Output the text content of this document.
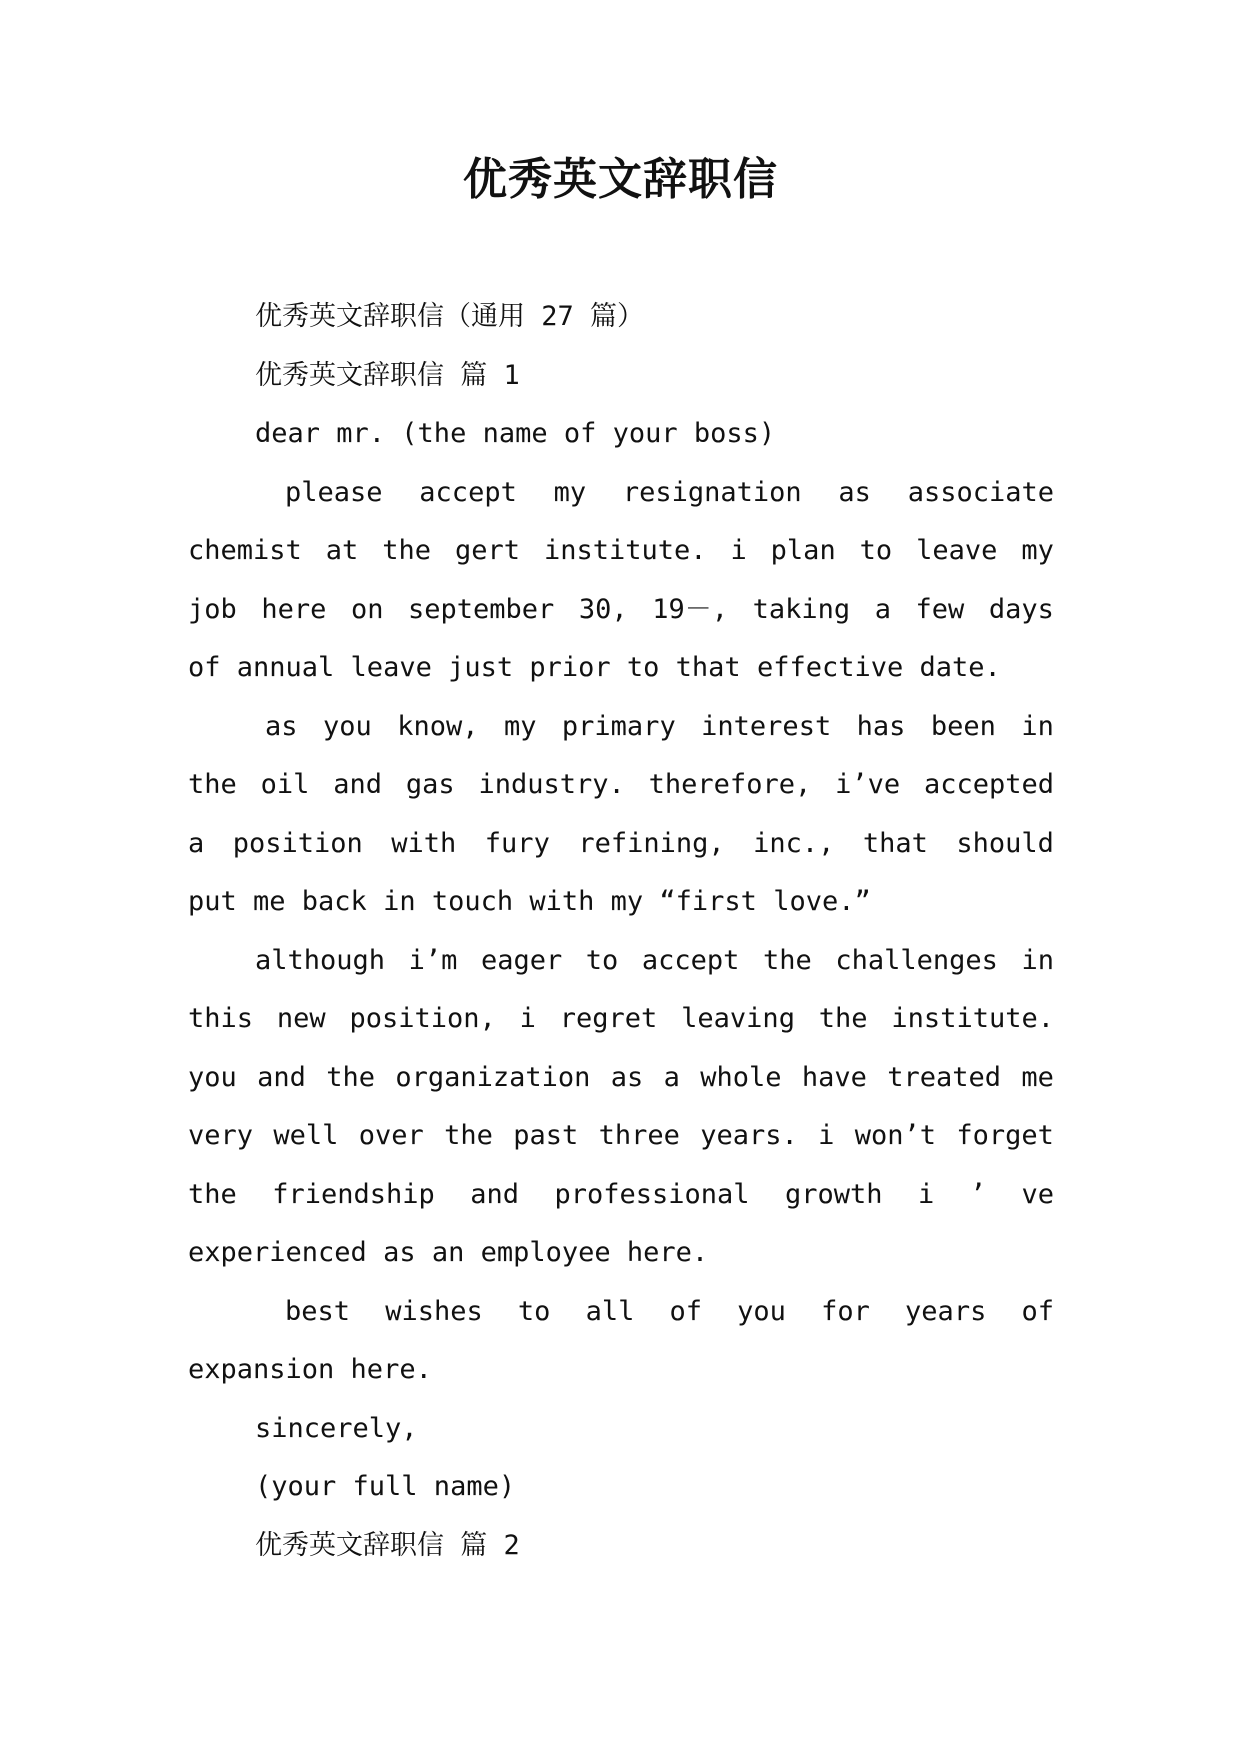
优秀英文辞职信
优秀英文辞职信（通用 27 篇）
优秀英文辞职信 篇 1
dear mr. (the name of your boss)
please accept my resignation as associate
chemist at the gert institute. i plan to leave my
job here on september 30, 19－, taking a few days
of annual leave just prior to that effective date.
as you know, my primary interest has been in
the oil and gas industry. therefore, i’ve accepted
a position with fury refining, inc., that should
put me back in touch with my “first love.”
although i’m eager to accept the challenges in
this new position, i regret leaving the institute.
you and the organization as a whole have treated me
very well over the past three years. i won’t forget
the friendship and professional growth i ’ ve
experienced as an employee here.
best wishes to all of you for years of
expansion here.
sincerely,
(your full name)
优秀英文辞职信 篇 2
